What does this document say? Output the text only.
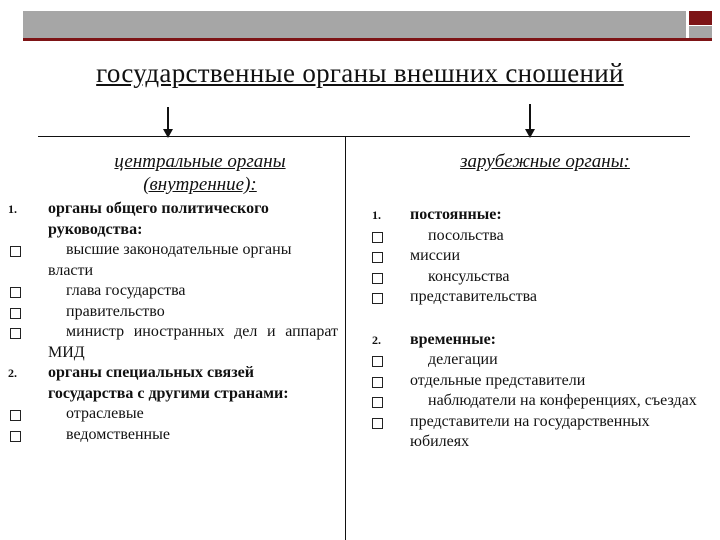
государственные органы внешних сношений
центральные органы
(внутренние):
1.	органы общего политического руководства:
высшие законодательные органы власти
глава государства
правительство
министр иностранных дел и аппарат МИД
2.	органы специальных связей государства с другими странами:
отраслевые
ведомственные
зарубежные органы:
1.	постоянные:
посольства
миссии
консульства
представительства
2.	временные:
делегации
отдельные представители
наблюдатели на конференциях, съездах
представители на государственных юбилеях
